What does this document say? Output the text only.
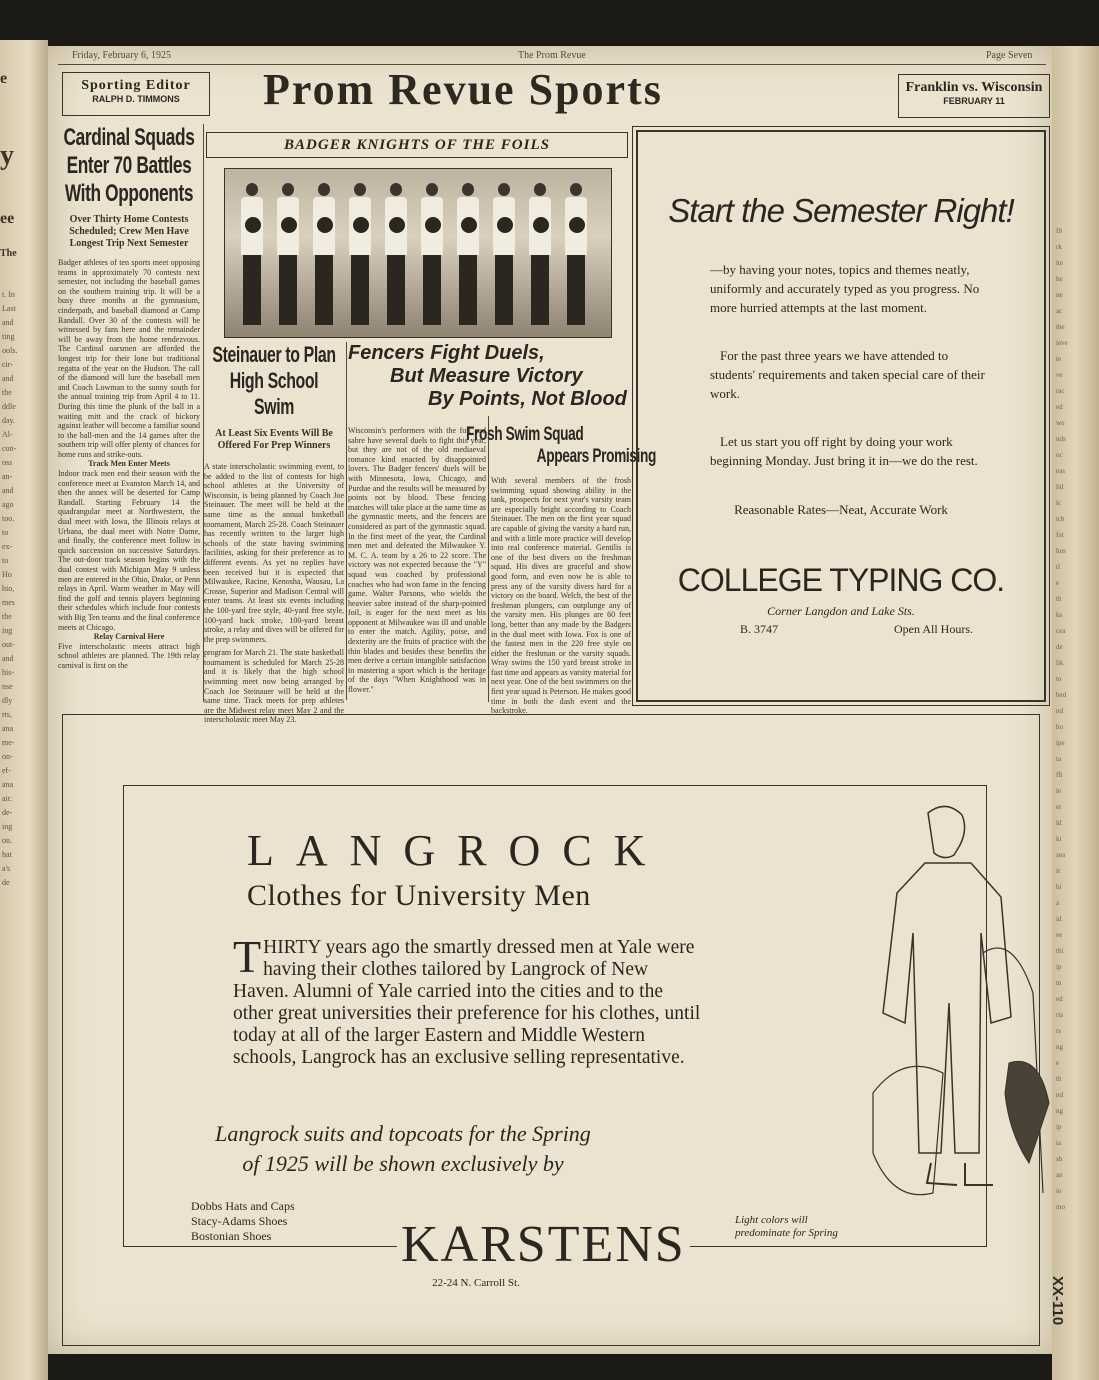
e
y
ee
The
t. In
Last
and
ting
ools.
cir-
and
the
ddle
day.
Al-
con-
oss
an-
and
ago
too.
to
ex-
to
Ho
hio,
mes
the
ing
out-
and
his-
nse
dly
rts,
ana
me-
on-
ef-
ana
air.
de-
ing
on.
hat
a's
de
Friday, February 6, 1925	The Prom Revue	Page Seven
Sporting Editor
RALPH D. TIMMONS	Prom Revue Sports	Franklin vs. Wisconsin
FEBRUARY 11
Cardinal Squads Enter 70 Battles With Opponents
Over Thirty Home Contests Scheduled; Crew Men Have Longest Trip Next Semester
Badger athletes of ten sports meet opposing teams in approximately 70 contests next semester, not including the baseball games on the southern training trip. It will be a busy three months at the gymnasium, cinderpath, and baseball diamond at Camp Randall. Over 30 of the contests will be witnessed by fans here and the remainder will be away from the home rendezvous. The Cardinal oarsmen are afforded the longest trip for their lone but traditional regatta of the year on the Hudson. The call of the diamond will lure the baseball men and Coach Lowman to the sunny south for the annual training trip from April 4 to 11. During this time the plunk of the ball in a waiting mitt and the crack of hickory against leather will become a familiar sound to the ball-men and the 14 games after the southern trip will offer plenty of chances for home runs and strike-outs.
Track Men Enter Meets
Indoor track men end their season with the conference meet at Evanston March 14, and then the annex will be deserted for Camp Randall. Starting February 14 the quadrangular meet at Northwestern, the dual meet with Iowa, the Illinois relays at Urbana, the dual meet with Notre Dame, and finally, the conference meet follow in quick succession on successive Saturdays. The out-door track season begins with the dual contest with Michigan May 9 unless men are entered in the Ohio, Drake, or Penn relays in April. Warm weather in May will find the golf and tennis players beginning their schedules which include four contests with Big Ten teams and the final conference meets at Chicago.
Relay Carnival Here
Five interscholastic meets attract high school athletes are planned. The 19th relay carnival is first on the
BADGER KNIGHTS OF THE FOILS
Steinauer to Plan High School Swim
At Least Six Events Will Be Offered For Prep Winners
A state interscholastic swimming event, to be added to the list of contests for high school athletes at the University of Wisconsin, is being planned by Coach Joe Steinauer. The meet will be held at the same time as the annual basketball tournament, March 25-28. Coach Steinauer has recently written to the larger high schools of the state having swimming facilities, asking for their preference as to different events. As yet no replies have been received but it is expected that Milwaukee, Racine, Kenosha, Wausau, La Crosse, Superior and Madison Central will enter teams. At least six events including the 100-yard free style, 40-yard free style, 100-yard back stroke, 100-yard breast stroke, a relay and dives will be offered for the prep swimmers.
program for March 21. The state basketball tournament is scheduled for March 25-28 and it is likely that the high school swimming meet now being arranged by Coach Joe Steinauer will be held at the same time. Track meets for prep athletes are the Midwest relay meet May 2 and the interscholastic meet May 23.
Fencers Fight Duels,
But Measure Victory
By Points, Not Blood
Wisconsin's performers with the foil and sabre have several duels to fight this year, but they are not of the old mediaeval romance kind enacted by disappointed lovers. The Badger fencers' duels will be with Minnesota, Iowa, Chicago, and Purdue and the results will be measured by points not by blood. These fencing matches will take place at the same time as the gymnastic meets, and the fencers are considered as part of the gymnastic squad. In the first meet of the year, the Cardinal men met and defeated the Milwaukee Y. M. C. A. team by a 26 to 22 score. The victory was not expected because the "Y" squad was coached by professional coaches who had won fame in the fencing game. Walter Parsons, who wields the heavier sabre instead of the sharp-pointed foil, is eager for the next meet as his opponent at Milwaukee was ill and unable to enter the match. Agility, poise, and dexterity are the fruits of practice with the thin blades and besides these benefits the men derive a certain intangible satisfaction in mastering a sport which is the heritage of the days "When Knighthood was in flower."
Frosh Swim Squad
Appears Promising
With several members of the frosh swimming squad showing ability in the tank, prospects for next year's varsity team are especially bright according to Coach Steinauer. The men on the first year squad are capable of giving the varsity a hard run, and with a little more practice will develop into real conference material. Gentilis is one of the best divers on the freshman squad. His dives are graceful and show good form, and even now he is able to press any of the varsity divers hard for a victory on the board. Welch, the best of the freshman plungers, can outplunge any of the varsity men. His plunges are 60 feet long, better than any made by the Badgers in the dual meet with Iowa. Fox is one of the fastest men in the 220 free style on either the freshman or the varsity squads. Wray swims the 150 yard breast stroke in fast time and appears as varsity material for next year. One of the best swimmers on the first year squad is Peterson. He makes good time in both the dash event and the backstroke.
Start the Semester Right!
—by having your notes, topics and themes neatly, uniformly and accurately typed as you progress. No more hurried attempts at the last moment.
For the past three years we have attended to students' requirements and taken special care of their work.
Let us start you off right by doing your work beginning Monday. Just bring it in—we do the rest.
Reasonable Rates—Neat, Accurate Work
COLLEGE TYPING CO.
Corner Langdon and Lake Sts.
B. 3747	Open All Hours.
LANGROCK
Clothes for University Men
T HIRTY years ago the smartly dressed men at Yale were having their clothes tailored by Langrock of New Haven. Alumni of Yale carried into the cities and to the other great universities their preference for his clothes, until today at all of the larger Eastern and Middle Western schools, Langrock has an exclusive selling representative.
Langrock suits and topcoats for the Spring
of 1925 will be shown exclusively by
Dobbs Hats and Caps
Stacy-Adams Shoes
Bostonian Shoes	KARSTENS
22-24 N. Carroll St.
Light colors will
predominate for Spring
XX-110
IS
rk
ite
he
ne
ac
the
ieve
te
ve
rac
ed
wo
nds
oc
eas
lid
lc
ich
fut
hus
tl
e
th
ks
cea
de
lik
to
bed
nd
ho
ipe
ta
ffi
le
er
ld
kt
sea
ir
bi
a
id
ee
thi
ip
m
ed
ris
rs
ng
e
th
nd
ng
ip
ia
sh
an
io
mo
